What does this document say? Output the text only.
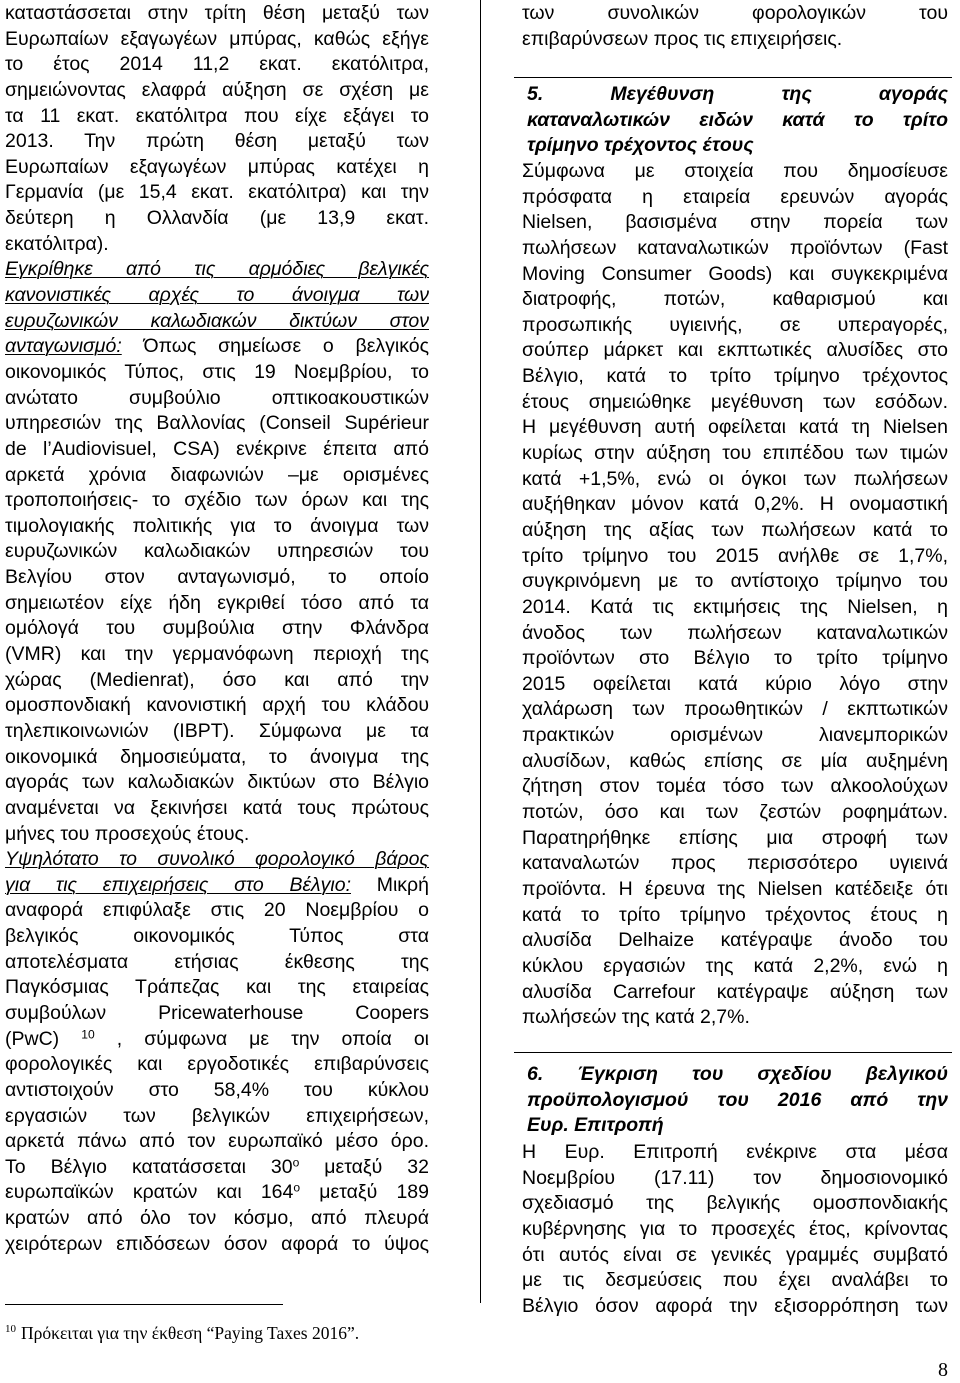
καταστάσσεται στην τρίτη θέση μεταξύ των
Ευρωπαίων εξαγωγέων μπύρας, καθώς εξήγε
το έτος 2014 11,2 εκατ. εκατόλιτρα,
σημειώνοντας ελαφρά αύξηση σε σχέση με
τα 11 εκατ. εκατόλιτρα που είχε εξάγει το
2013. Την πρώτη θέση μεταξύ των
Ευρωπαίων εξαγωγέων μπύρας κατέχει η
Γερμανία (με 15,4 εκατ. εκατόλιτρα) και την
δεύτερη η Ολλανδία (με 13,9 εκατ.
εκατόλιτρα).
Εγκρίθηκε από τις αρμόδιες βελγικές
κανονιστικές αρχές το άνοιγμα των
ευρυζωνικών καλωδιακών δικτύων στον
ανταγωνισμό: Όπως σημείωσε ο βελγικός
οικονομικός Τύπος, στις 19 Νοεμβρίου, το
ανώτατο συμβούλιο οπτικοακουστικών
υπηρεσιών της Βαλλονίας (Conseil Supérieur
de l’Audiovisuel, CSA) ενέκρινε έπειτα από
αρκετά χρόνια διαφωνιών –με ορισμένες
τροποποιήσεις- το σχέδιο των όρων και της
τιμολογιακής πολιτικής για το άνοιγμα των
ευρυζωνικών καλωδιακών υπηρεσιών του
Βελγίου στον ανταγωνισμό, το οποίο
σημειωτέον είχε ήδη εγκριθεί τόσο από τα
ομόλογά του συμβούλια στην Φλάνδρα
(VMR) και την γερμανόφωνη περιοχή της
χώρας (Medienrat), όσο και από την
ομοσπονδιακή κανονιστική αρχή του κλάδου
τηλεπικοινωνιών (IBPT). Σύμφωνα με τα
οικονομικά δημοσιεύματα, το άνοιγμα της
αγοράς των καλωδιακών δικτύων στο Βέλγιο
αναμένεται να ξεκινήσει κατά τους πρώτους
μήνες του προσεχούς έτους.
Υψηλότατο το συνολικό φορολογικό βάρος
για τις επιχειρήσεις στο Βέλγιο: Μικρή
αναφορά επιφύλαξε στις 20 Νοεμβρίου ο
βελγικός οικονομικός Τύπος στα
αποτελέσματα ετήσιας έκθεσης της
Παγκόσμιας Τράπεζας και της εταιρείας
συμβούλων Pricewaterhouse Coopers
(PwC) $^{10}$ , σύμφωνα με την οποία οι
φορολογικές και εργοδοτικές επιβαρύνσεις
αντιστοιχούν στο 58,4% του κύκλου
εργασιών των βελγικών επιχειρήσεων,
αρκετά πάνω από τον ευρωπαϊκό μέσο όρο.
Το Βέλγιο κατατάσσεται $30^o$ μεταξύ 32
ευρωπαϊκών κρατών και $164^o$ μεταξύ 189
κρατών από όλο τον κόσμο, από πλευρά
χειρότερων επιδόσεων όσον αφορά το ύψος
των συνολικών φορολογικών του
επιβαρύνσεων προς τις επιχειρήσεις.
5. Μεγέθυνση της αγοράς
καταναλωτικών ειδών κατά το τρίτο
τρίμηνο τρέχοντος έτους
Σύμφωνα με στοιχεία που δημοσίευσε
πρόσφατα η εταιρεία ερευνών αγοράς
Nielsen, βασισμένα στην πορεία των
πωλήσεων καταναλωτικών προϊόντων (Fast
Moving Consumer Goods) και συγκεκριμένα
διατροφής, ποτών, καθαρισμού και
προσωπικής υγιεινής, σε υπεραγορές,
σούπερ μάρκετ και εκπτωτικές αλυσίδες στο
Βέλγιο, κατά το τρίτο τρίμηνο τρέχοντος
έτους σημειώθηκε μεγέθυνση των εσόδων.
Η μεγέθυνση αυτή οφείλεται κατά τη Nielsen
κυρίως στην αύξηση του επιπέδου των τιμών
κατά +1,5%, ενώ οι όγκοι των πωλήσεων
αυξήθηκαν μόνον κατά 0,2%. Η ονομαστική
αύξηση της αξίας των πωλήσεων κατά το
τρίτο τρίμηνο του 2015 ανήλθε σε 1,7%,
συγκρινόμενη με το αντίστοιχο τρίμηνο του
2014. Κατά τις εκτιμήσεις της Nielsen, η
άνοδος των πωλήσεων καταναλωτικών
προϊόντων στο Βέλγιο το τρίτο τρίμηνο
2015 οφείλεται κατά κύριο λόγο στην
χαλάρωση των προωθητικών / εκπτωτικών
πρακτικών ορισμένων λιανεμπορικών
αλυσίδων, καθώς επίσης σε μία αυξημένη
ζήτηση στον τομέα τόσο των αλκοολούχων
ποτών, όσο και των ζεστών ροφημάτων.
Παρατηρήθηκε επίσης μια στροφή των
καταναλωτών προς περισσότερο υγιεινά
προϊόντα. Η έρευνα της Nielsen κατέδειξε ότι
κατά το τρίτο τρίμηνο τρέχοντος έτους η
αλυσίδα Delhaize κατέγραψε άνοδο του
κύκλου εργασιών της κατά 2,2%, ενώ η
αλυσίδα Carrefour κατέγραψε αύξηση των
πωλήσεών της κατά 2,7%.
6. Έγκριση του σχεδίου βελγικού
προϋπολογισμού του 2016 από την
Ευρ. Επιτροπή
Η Ευρ. Επιτροπή ενέκρινε στα μέσα
Νοεμβρίου (17.11) τον δημοσιονομικό
σχεδιασμό της βελγικής ομοσπονδιακής
κυβέρνησης για το προσεχές έτος, κρίνοντας
ότι αυτός είναι σε γενικές γραμμές συμβατό
με τις δεσμεύσεις που έχει αναλάβει το
Βέλγιο όσον αφορά την εξισορρόπηση των
$^{10}$ Πρόκειται για την έκθεση “Paying Taxes 2016”.
8
